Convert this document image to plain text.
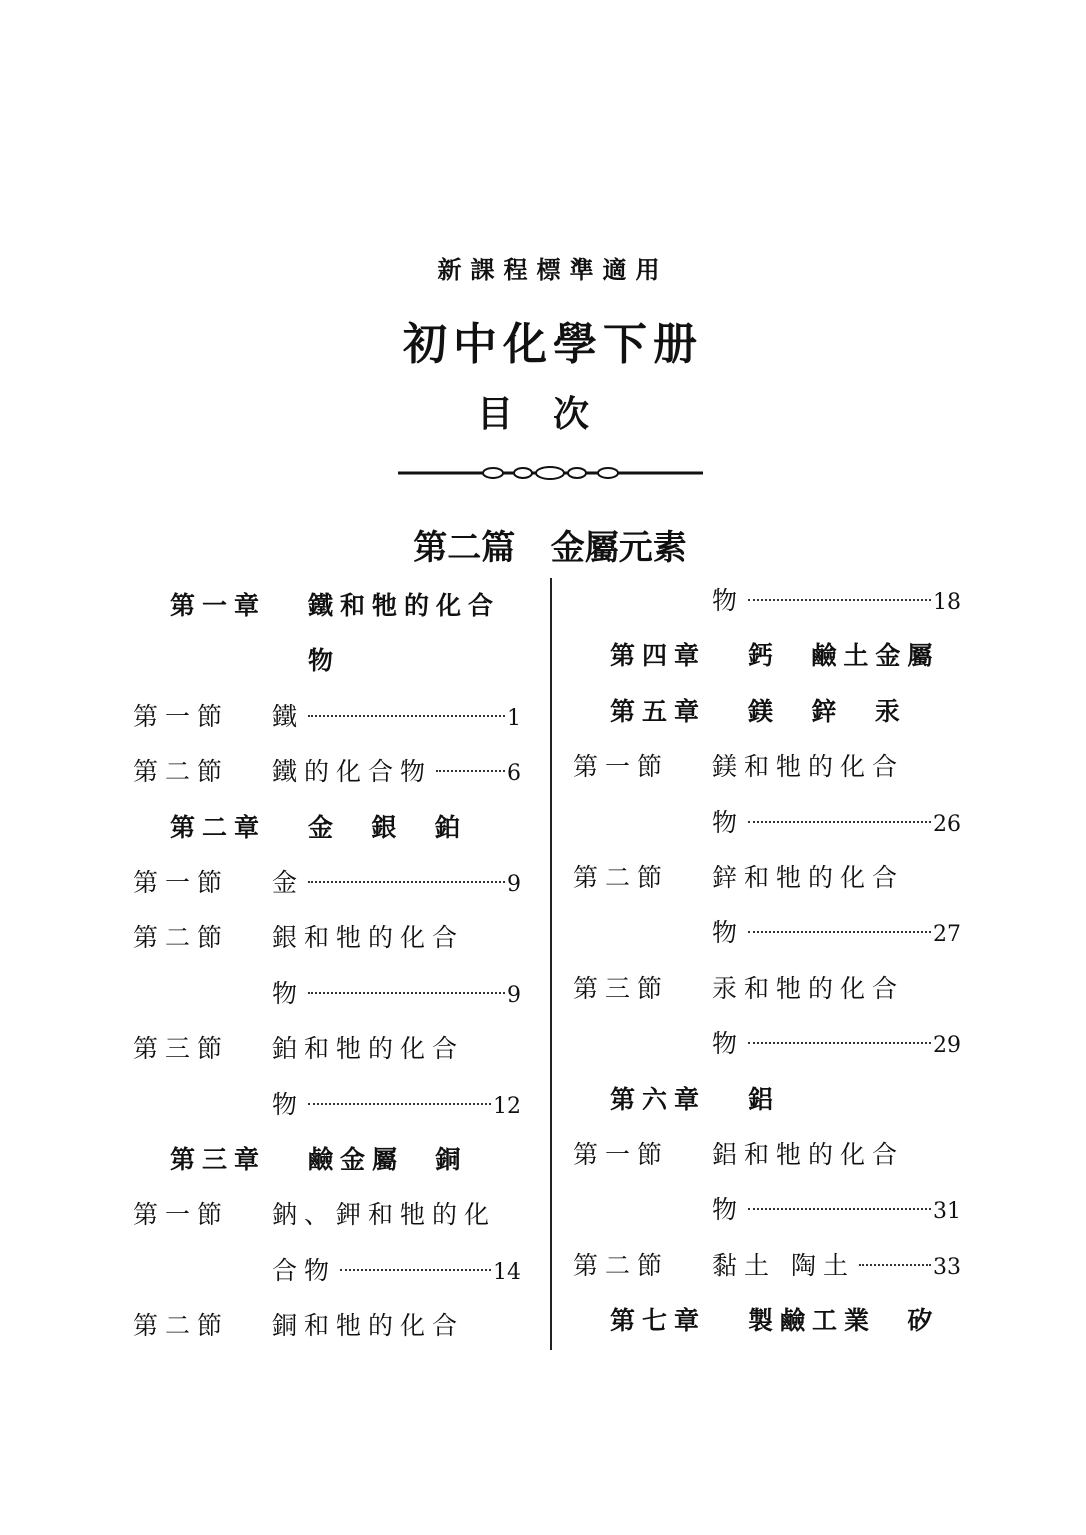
新課程標準適用
初中化學下册
目次
第二篇   金屬元素
第一章 鐵和牠的化合
物
第一節 鐵	1
第二節 鐵的化合物	6
第二章 金  銀  鉑
第一節 金	9
第二節 銀和牠的化合
物	9
第三節 鉑和牠的化合
物	12
第三章 鹼金屬  銅
第一節 鈉、鉀和牠的化
合物	14
第二節 銅和牠的化合
物	18
第四章 鈣  鹼土金屬
第五章 鎂  鋅  汞
第一節 鎂和牠的化合
物	26
第二節 鋅和牠的化合
物	27
第三節 汞和牠的化合
物	29
第六章 鋁
第一節 鋁和牠的化合
物	31
第二節 黏土 陶土	33
第七章 製鹼工業  矽
